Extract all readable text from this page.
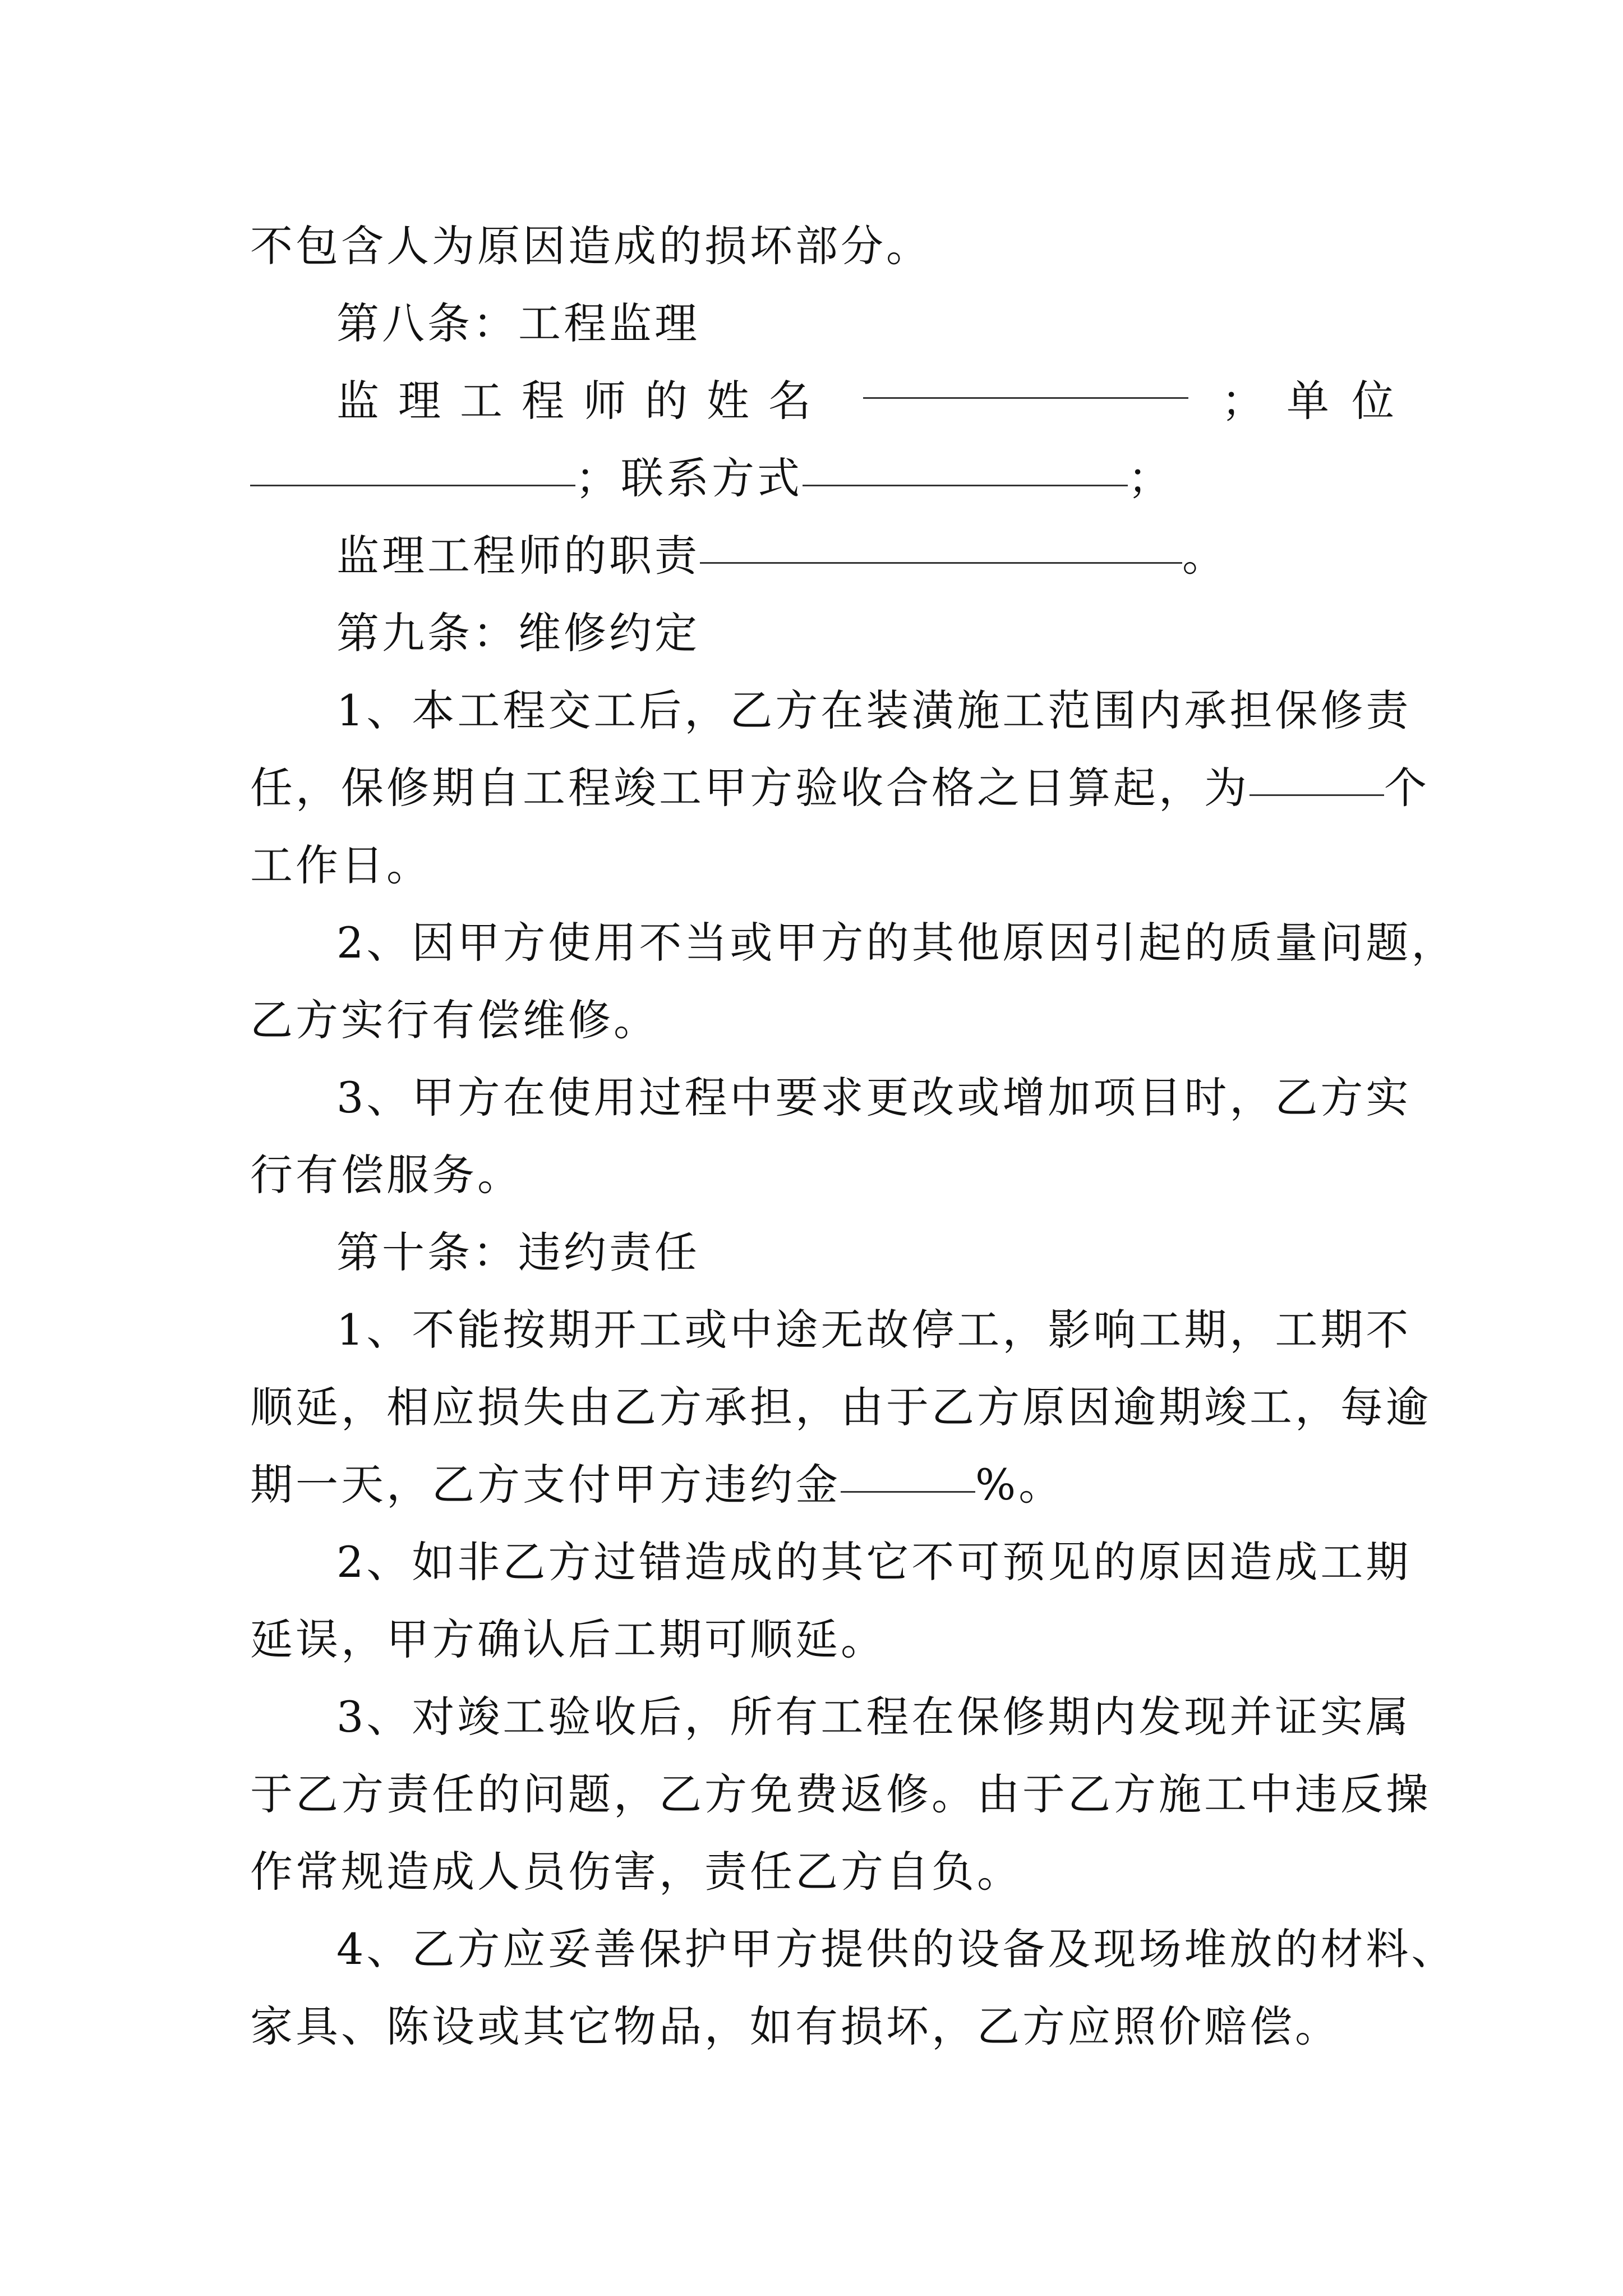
不包含人为原因造成的损坏部分。
第八条：工程监理
监理工程师的姓名	；单位
；联系方式	；
监理工程师的职责	。
第九条：维修约定
1、本工程交工后，乙方在装潢施工范围内承担保修责
任，保修期自工程竣工甲方验收合格之日算起，为	个
工作日。
2、因甲方使用不当或甲方的其他原因引起的质量问题，
乙方实行有偿维修。
3、甲方在使用过程中要求更改或增加项目时，乙方实
行有偿服务。
第十条：违约责任
1、不能按期开工或中途无故停工，影响工期，工期不
顺延，相应损失由乙方承担，由于乙方原因逾期竣工，每逾
期一天，乙方支付甲方违约金	%。
2、如非乙方过错造成的其它不可预见的原因造成工期
延误，甲方确认后工期可顺延。
3、对竣工验收后，所有工程在保修期内发现并证实属
于乙方责任的问题，乙方免费返修。由于乙方施工中违反操
作常规造成人员伤害，责任乙方自负。
4、乙方应妥善保护甲方提供的设备及现场堆放的材料、
家具、陈设或其它物品，如有损坏，乙方应照价赔偿。
